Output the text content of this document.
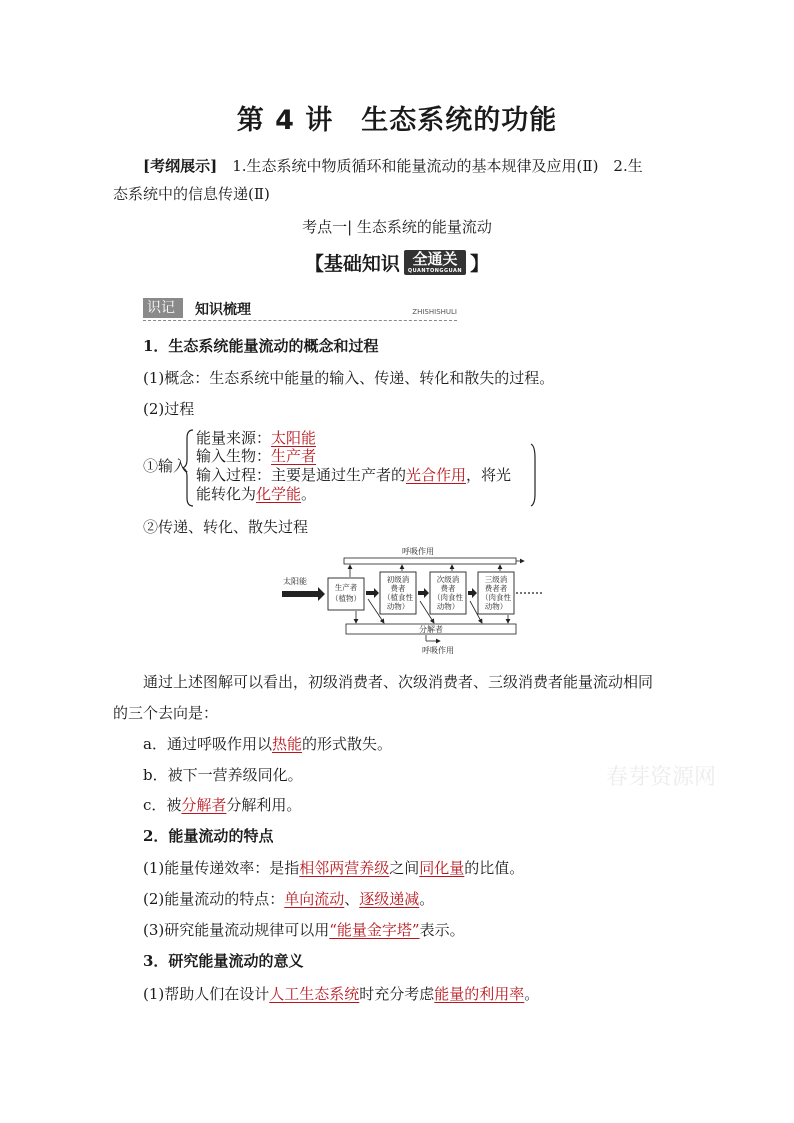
第 4 讲　生态系统的功能
[考纲展示]　1.生态系统中物质循环和能量流动的基本规律及应用(Ⅱ)　2.生
态系统中的信息传递(Ⅱ)
考点一| 生态系统的能量流动
【基础知识 全通关
QUANTONGGUAN 】
识记	知识梳理	ZHISHISHULI
1．生态系统能量流动的概念和过程
(1)概念：生态系统中能量的输入、传递、转化和散失的过程。
(2)过程
①输入
能量来源：太阳能
输入生物：生产者
输入过程：主要是通过生产者的光合作用，将光
能转化为化学能。
②传递、转化、散失过程
呼吸作用
太阳能
生产者
（植物）
初级消
费者
（植食性
动物）
次级消
费者
（肉食性
动物）
三级消
费者者
（肉食性
动物）
分解者
呼吸作用
通过上述图解可以看出，初级消费者、次级消费者、三级消费者能量流动相同
的三个去向是：
a．通过呼吸作用以热能的形式散失。
b．被下一营养级同化。
c．被分解者分解利用。
2．能量流动的特点
(1)能量传递效率：是指相邻两营养级之间同化量的比值。
(2)能量流动的特点：单向流动、逐级递减。
(3)研究能量流动规律可以用“能量金字塔”表示。
3．研究能量流动的意义
(1)帮助人们在设计人工生态系统时充分考虑能量的利用率。
春芽资源网
